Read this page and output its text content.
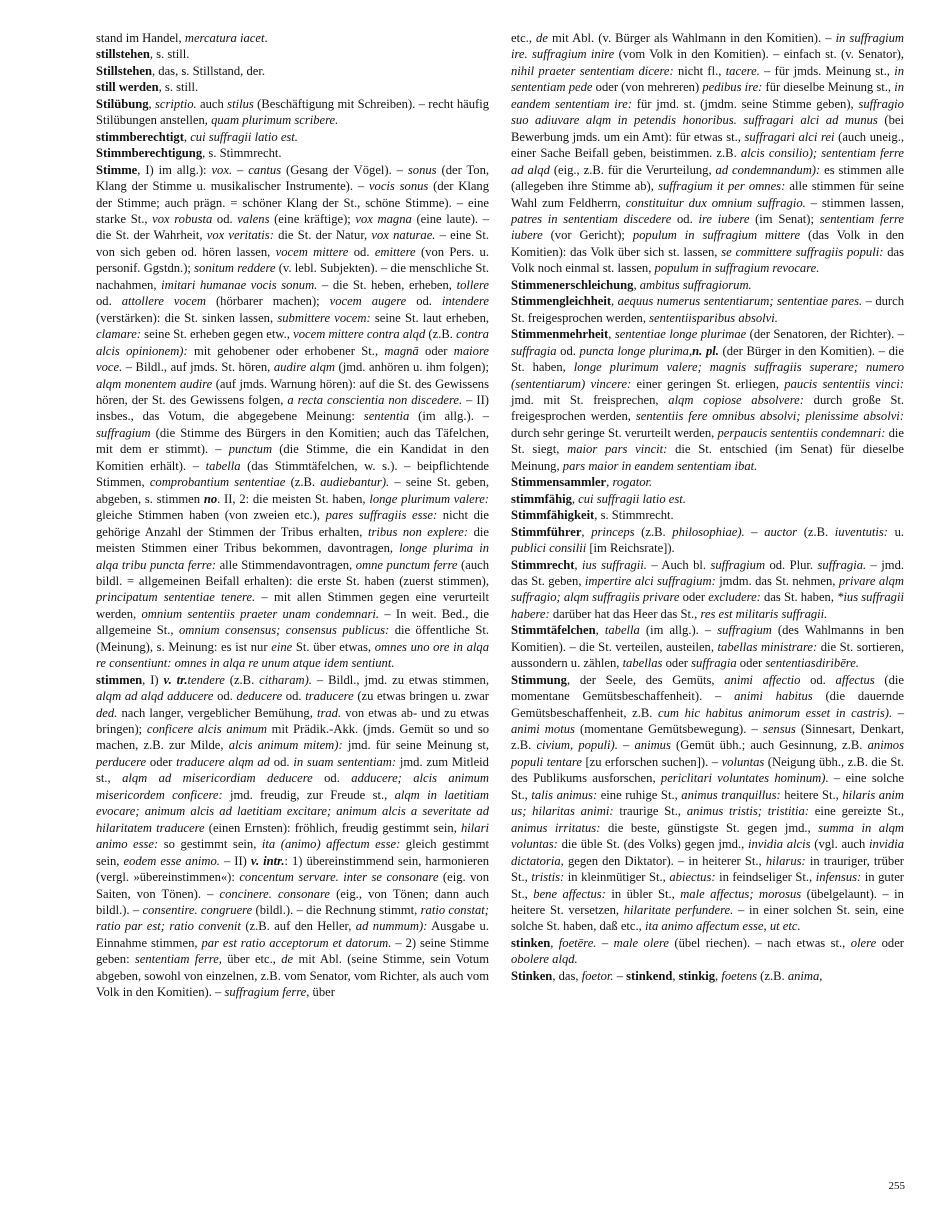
stand im Handel, mercatura iacet.

stillstehen, s. still.

Stillstehen, das, s. Stillstand, der.

still werden, s. still.

Stilübung, scriptio. auch stilus (Beschäftigung mit Schreiben). – recht häufig Stilübungen anstellen, quam plurimum scribere.

stimmberechtigt, cui suffragii latio est.

Stimmberechtigung, s. Stimmrecht.

Stimme, I) im allg.): vox. – cantus (Gesang der Vögel). – sonus (der Ton, Klang der Stimme u. musikalischer Instrumente). – vocis sonus (der Klang der Stimme; auch prägn. = schöner Klang der St., schöne Stimme). – eine starke St., vox robusta od. valens (eine kräftige); vox magna (eine laute). – die St. der Wahrheit, vox veritatis: die St. der Natur, vox naturae. – eine St. von sich geben od. hören lassen, vocem mittere od. emittere (von Pers. u. personif. Ggstdn.); sonitum reddere (v. lebl. Subjekten). – die menschliche St. nachahmen, imitari humanae vocis sonum. – die St. heben, erheben, tollere od. attollere vocem (hörbarer machen); vocem augere od. intendere (verstärken): die St. sinken lassen, submittere vocem: seine St. laut erheben, clamare: seine St. erheben gegen etw., vocem mittere contra alqd (z.B. contra alcis opinionem): mit gehobener oder erhobener St., magnā oder maiore voce. – Bildl., auf jmds. St. hören, audire alqm (jmd. anhören u. ihm folgen); alqm monentem audire (auf jmds. Warnung hören): auf die St. des Gewissens hören, der St. des Gewissens folgen, a recta conscientia non discedere. – II) insbes., das Votum, die abgegebene Meinung: sententia (im allg.). – suffragium (die Stimme des Bürgers in den Komitien; auch das Täfelchen, mit dem er stimmt). – punctum (die Stimme, die ein Kandidat in den Komitien erhält). – tabella (das Stimmtäfelchen, w. s.). – beipflichtende Stimmen, comprobantium sententiae (z.B. audiebantur). – seine St. geben, abgeben, s. stimmen no. II, 2: die meisten St. haben, longe plurimum valere: gleiche Stimmen haben (von zweien etc.), pares suffragiis esse: nicht die gehörige Anzahl der Stimmen der Tribus erhalten, tribus non explere: die meisten Stimmen einer Tribus bekommen, davontragen, longe plurima in alqa tribu puncta ferre: alle Stimmendavontragen, omne punctum ferre (auch bildl. = allgemeinen Beifall erhalten): die erste St. haben (zuerst stimmen), principatum sententiae tenere. – mit allen Stimmen gegen eine verurteilt werden, omnium sententiis praeter unam condemnari. – In weit. Bed., die allgemeine St., omnium consensus; consensus publicus: die öffentliche St. (Meinung), s. Meinung: es ist nur eine St. über etwas, omnes uno ore in alqa re consentiunt: omnes in alqa re unum atque idem sentiunt.

stimmen, I) v. tr.tendere (z.B. citharam). – Bildl., jmd. zu etwas stimmen, alqm ad alqd adducere od. deducere od. traducere (zu etwas bringen u. zwar ded. nach langer, vergeblicher Bemühung, trad. von etwas ab- und zu etwas bringen); conficere alcis animum mit Prädik.-Akk. (jmds. Gemüt so und so machen, z.B. zur Milde, alcis animum mitem): jmd. für seine Meinung st, perducere oder traducere alqm ad od. in suam sententiam: jmd. zum Mitleid st., alqm ad misericordiam deducere od. adducere; alcis animum misericordem conficere: jmd. freudig, zur Freude st., alqm in laetitiam evocare; animum alcis ad laetitiam excitare; animum alcis a severitate ad hilaritatem traducere (einen Ernsten): fröhlich, freudig gestimmt sein, hilari animo esse: so gestimmt sein, ita (animo) affectum esse: gleich gestimmt sein, eodem esse animo. – II) v. intr.: 1) übereinstimmend sein, harmonieren (vergl. »übereinstimmen«): concentum servare. inter se consonare (eig. von Saiten, von Tönen). – concinere. consonare (eig., von Tönen; dann auch bildl.). – consentire. congruere (bildl.). – die Rechnung stimmt, ratio constat; ratio par est; ratio convenit (z.B. auf den Heller, ad nummum): Ausgabe u. Einnahme stimmen, par est ratio acceptorum et datorum. – 2) seine Stimme geben: sententiam ferre, über etc., de mit Abl. (seine Stimme, sein Votum abgeben, sowohl von einzelnen, z.B. vom Senator, vom Richter, als auch vom Volk in den Komitien). – suffragium ferre, über

etc., de mit Abl. (v. Bürger als Wahlmann in den Komitien). – in suffragium ire. suffragium inire (vom Volk in den Komitien). – einfach st. (v. Senator), nihil praeter sententiam dicere: nicht fl., tacere. – für jmds. Meinung st., in sententiam pede oder (von mehreren) pedibus ire: für dieselbe Meinung st., in eandem sententiam ire: für jmd. st. (jmdm. seine Stimme geben), suffragio suo adiuvare alqm in petendis honoribus. suffragari alci ad munus (bei Bewerbung jmds. um ein Amt): für etwas st., suffragari alci rei (auch uneig., einer Sache Beifall geben, beistimmen. z.B. alcis consilio); sententiam ferre ad alqd (eig., z.B. für die Verurteilung, ad condemnandum): es stimmen alle (allegeben ihre Stimme ab), suffragium it per omnes: alle stimmen für seine Wahl zum Feldherrn, constituitur dux omnium suffragio. – stimmen lassen, patres in sententiam discedere od. ire iubere (im Senat); sententiam ferre iubere (vor Gericht); populum in suffragium mittere (das Volk in den Komitien): das Volk über sich st. lassen, se committere suffragiis populi: das Volk noch einmal st. lassen, populum in suffragium revocare.

Stimmenerschleichung, ambitus suffragiorum.

Stimmengleichheit, aequus numerus sententiarum; sententiae pares. – durch St. freigesprochen werden, sententiisparibus absolvi.

Stimmenmehrheit, sententiae longe plurimae (der Senatoren, der Richter). – suffragia od. puncta longe plurima,n. pl. (der Bürger in den Komitien). – die St. haben, longe plurimum valere; magnis suffragiis superare; numero (sententiarum) vincere: einer geringen St. erliegen, paucis sententiis vinci: jmd. mit St. freisprechen, alqm copiose absolvere: durch große St. freigesprochen werden, sententiis fere omnibus absolvi; plenissime absolvi: durch sehr geringe St. verurteilt werden, perpaucis sententiis condemnari: die St. siegt, maior pars vincit: die St. entschied (im Senat) für dieselbe Meinung, pars maior in eandem sententiam ibat.

Stimmensammler, rogator.

stimmfähig, cui suffragii latio est.

Stimmfähigkeit, s. Stimmrecht.

Stimmführer, princeps (z.B. philosophiae). – auctor (z.B. iuventutis: u. publici consilii [im Reichsrate]).

Stimmrecht, ius suffragii. – Auch bl. suffragium od. Plur. suffragia. – jmd. das St. geben, impertire alci suffragium: jmdm. das St. nehmen, privare alqm suffragio; alqm suffragiis privare oder excludere: das St. haben, *ius suffragii habere: darüber hat das Heer das St., res est militaris suffragii.

Stimmtäfelchen, tabella (im allg.). – suffragium (des Wahlmanns in ben Komitien). – die St. verteilen, austeilen, tabellas ministrare: die St. sortieren, aussondern u. zählen, tabellas oder suffragia oder sententiasdiribēre.

Stimmung, der Seele, des Gemüts, animi affectio od. affectus (die momentane Gemütsbeschaffenheit). – animi habitus (die dauernde Gemütsbeschaffenheit, z.B. cum hic habitus animorum esset in castris). – animi motus (momentane Gemütsbewegung). – sensus (Sinnesart, Denkart, z.B. civium, populi). – animus (Gemüt übh.; auch Gesinnung, z.B. animos populi tentare [zu erforschen suchen]). – voluntas (Neigung übh., z.B. die St. des Publikums ausforschen, periclitari voluntates hominum). – eine solche St., talis animus: eine ruhige St., animus tranquillus: heitere St., hilaris anim us; hilaritas animi: traurige St., animus tristis; tristitia: eine gereizte St., animus irritatus: die beste, günstigste St. gegen jmd., summa in alqm voluntas: die üble St. (des Volks) gegen jmd., invidia alcis (vgl. auch invidia dictatoria, gegen den Diktator). – in heiterer St., hilarus: in trauriger, trüber St., tristis: in kleinmütiger St., abiectus: in feindseliger St., infensus: in guter St., bene affectus: in übler St., male affectus; morosus (übelgelaunt). – in heitere St. versetzen, hilaritate perfundere. – in einer solchen St. sein, eine solche St. haben, daß etc., ita animo affectum esse, ut etc.

stinken, foetēre. – male olere (übel riechen). – nach etwas st., olere oder obolere alqd.

Stinken, das, foetor. – stinkend, stinkig, foetens (z.B. anima,

255
